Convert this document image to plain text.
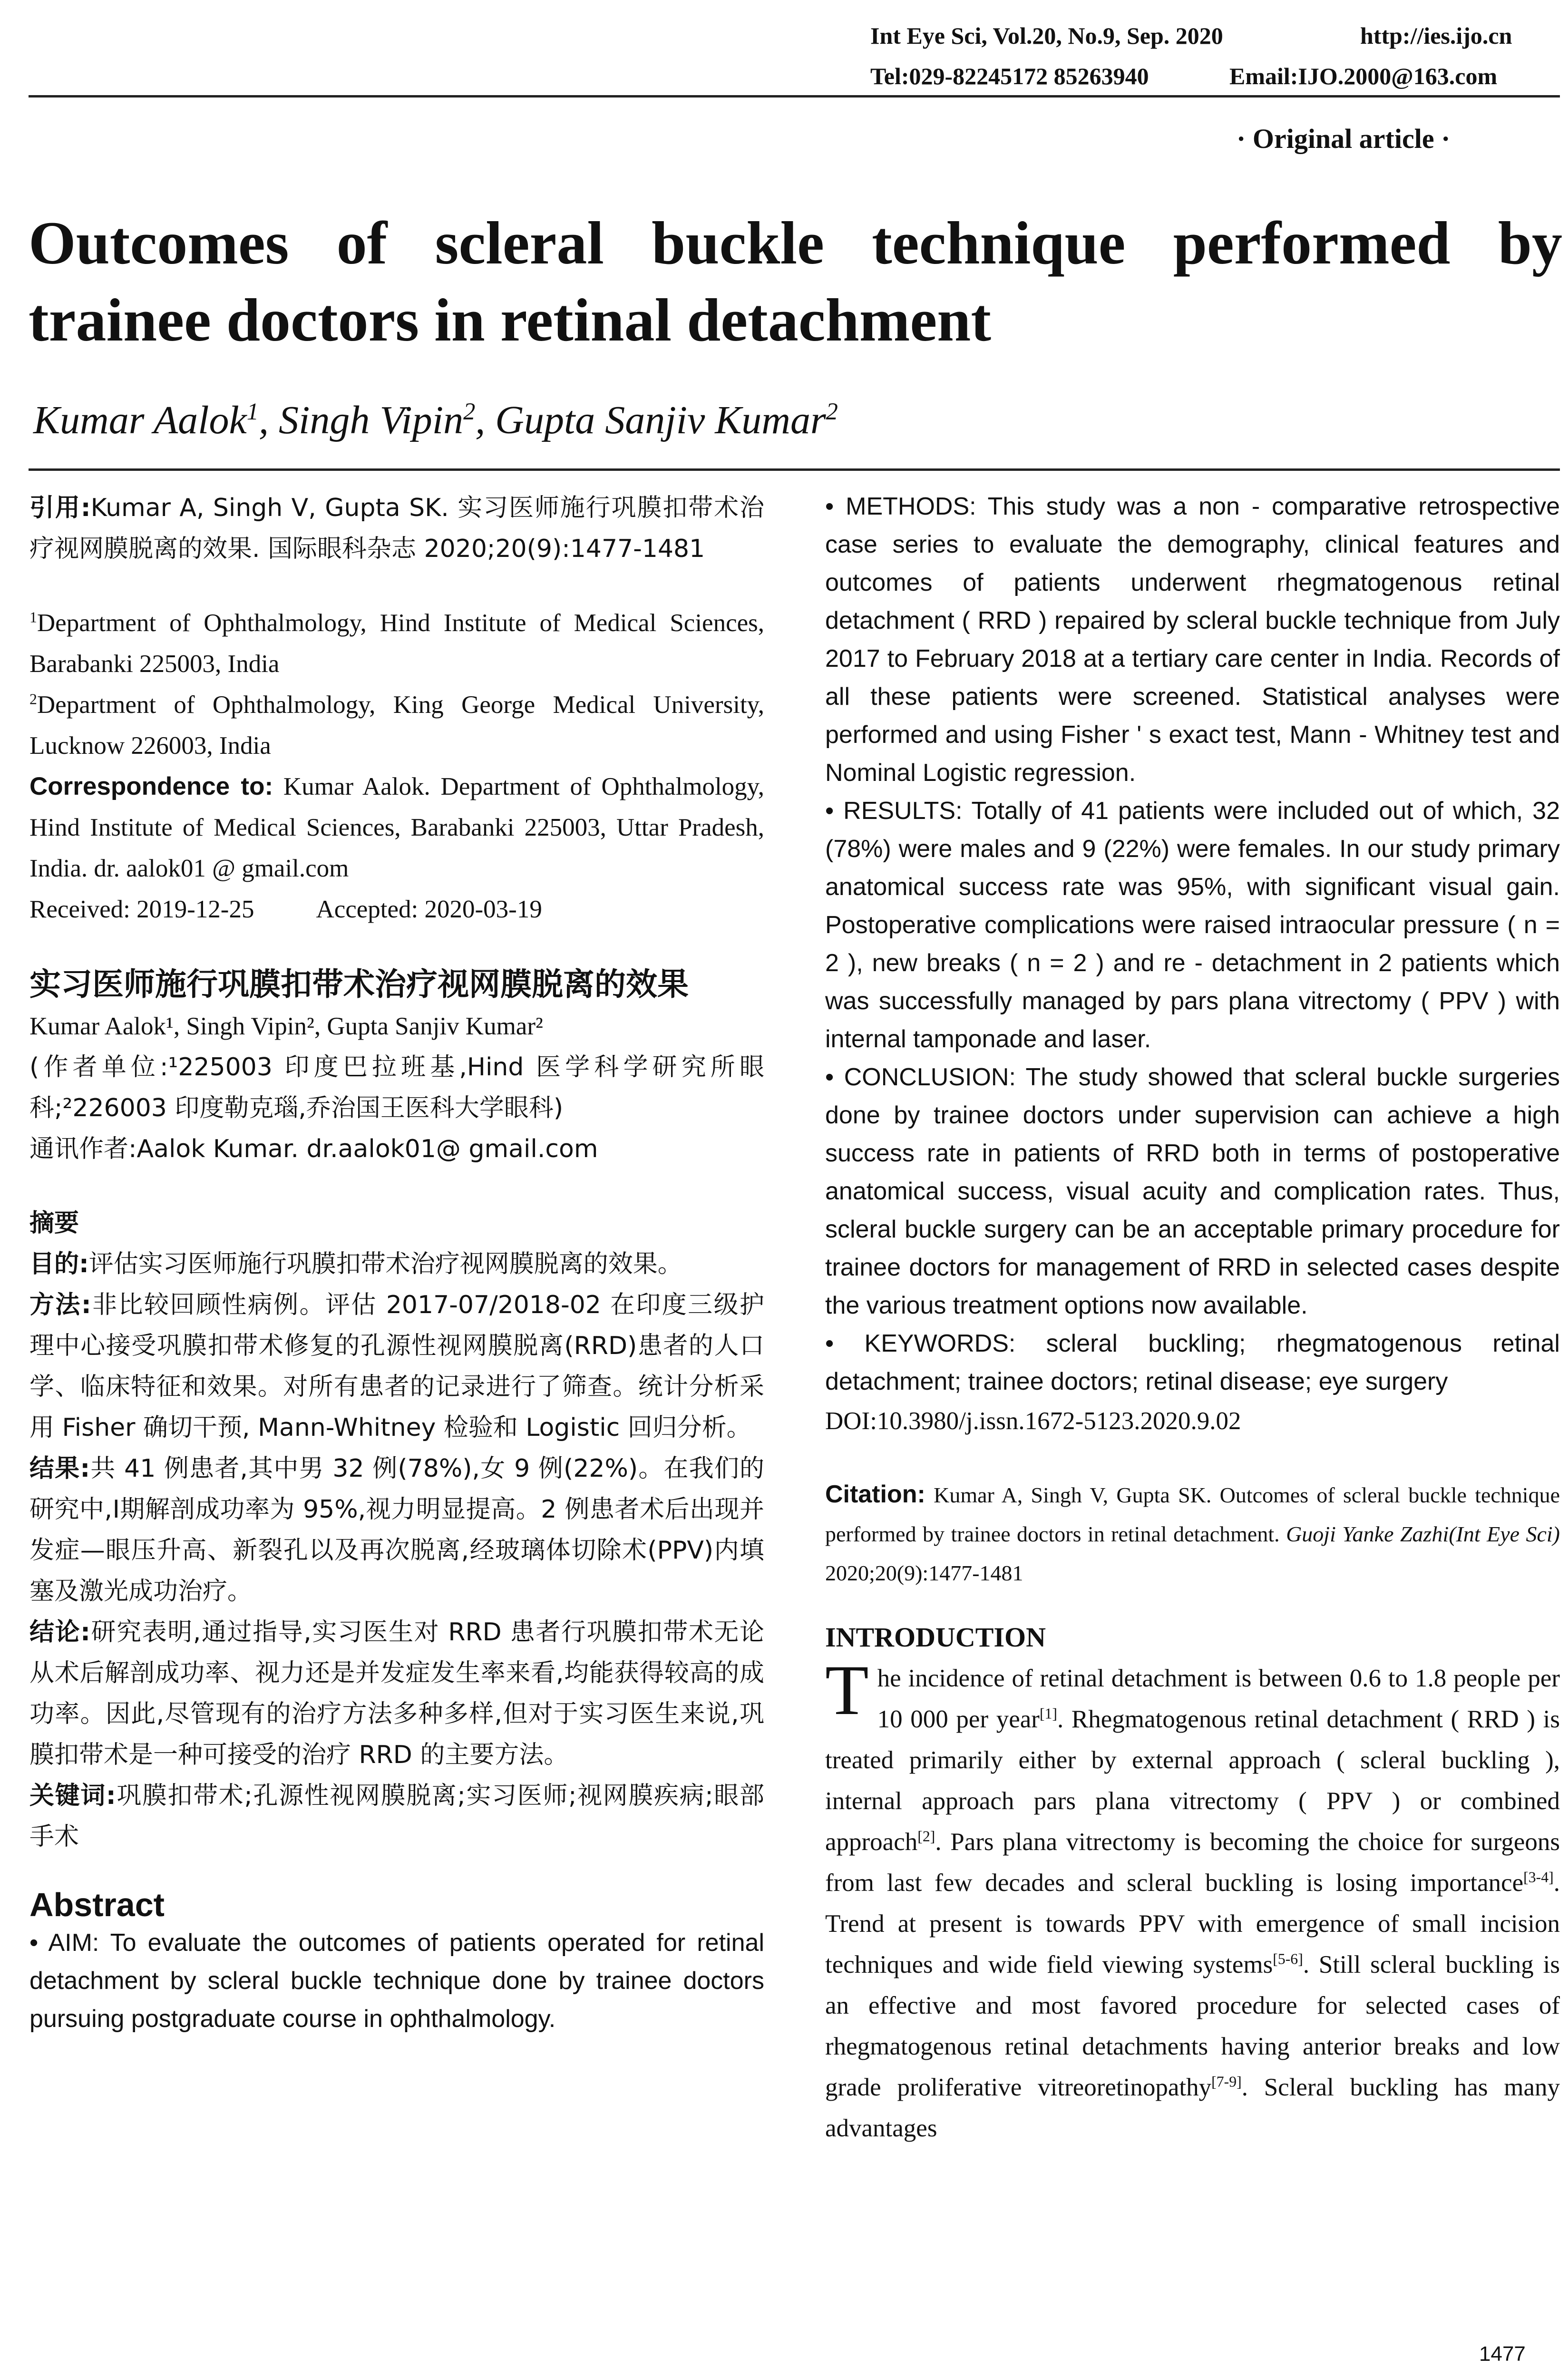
Int Eye Sci, Vol.20, No.9, Sep. 2020	http://ies.ijo.cn
Tel:029-82245172 85263940	Email:IJO.2000@163.com
· Original article ·
Outcomes of scleral buckle technique performed by
trainee doctors in retinal detachment
Kumar Aalok$^1$, Singh Vipin$^2$, Gupta Sanjiv Kumar$^2$

引用:Kumar A, Singh V, Gupta SK. 实习医师施行巩膜扣带术治疗视网膜脱离的效果. 国际眼科杂志 2020;20(9):1477-1481

$^1$Department of Ophthalmology, Hind Institute of Medical Sciences, Barabanki 225003, India

$^2$Department of Ophthalmology, King George Medical University, Lucknow 226003, India

Correspondence to: Kumar Aalok. Department of Ophthalmology, Hind Institute of Medical Sciences, Barabanki 225003, Uttar Pradesh, India. dr. aalok01 @ gmail.com

Received: 2019-12-25 Accepted: 2020-03-19

实习医师施行巩膜扣带术治疗视网膜脱离的效果

Kumar Aalok¹, Singh Vipin², Gupta Sanjiv Kumar²

(作者单位:¹225003 印度巴拉班基,Hind 医学科学研究所眼科;²226003 印度勒克瑙,乔治国王医科大学眼科)

通讯作者:Aalok Kumar. dr.aalok01@ gmail.com

摘要

目的:评估实习医师施行巩膜扣带术治疗视网膜脱离的效果。

方法:非比较回顾性病例。评估 2017-07/2018-02 在印度三级护理中心接受巩膜扣带术修复的孔源性视网膜脱离(RRD)患者的人口学、临床特征和效果。对所有患者的记录进行了筛查。统计分析采用 Fisher 确切干预, Mann-Whitney 检验和 Logistic 回归分析。

结果:共 41 例患者,其中男 32 例(78%),女 9 例(22%)。在我们的研究中,Ⅰ期解剖成功率为 95%,视力明显提高。2 例患者术后出现并发症—眼压升高、新裂孔以及再次脱离,经玻璃体切除术(PPV)内填塞及激光成功治疗。

结论:研究表明,通过指导,实习医生对 RRD 患者行巩膜扣带术无论从术后解剖成功率、视力还是并发症发生率来看,均能获得较高的成功率。因此,尽管现有的治疗方法多种多样,但对于实习医生来说,巩膜扣带术是一种可接受的治疗 RRD 的主要方法。

关键词:巩膜扣带术;孔源性视网膜脱离;实习医师;视网膜疾病;眼部手术

Abstract

• AIM: To evaluate the outcomes of patients operated for retinal detachment by scleral buckle technique done by trainee doctors pursuing postgraduate course in ophthalmology.

• METHODS: This study was a non - comparative retrospective case series to evaluate the demography, clinical features and outcomes of patients underwent rhegmatogenous retinal detachment ( RRD ) repaired by scleral buckle technique from July 2017 to February 2018 at a tertiary care center in India. Records of all these patients were screened. Statistical analyses were performed and using Fisher ' s exact test, Mann - Whitney test and Nominal Logistic regression.

• RESULTS: Totally of 41 patients were included out of which, 32 (78%) were males and 9 (22%) were females. In our study primary anatomical success rate was 95%, with significant visual gain. Postoperative complications were raised intraocular pressure ( n = 2 ), new breaks ( n = 2 ) and re - detachment in 2 patients which was successfully managed by pars plana vitrectomy ( PPV ) with internal tamponade and laser.

• CONCLUSION: The study showed that scleral buckle surgeries done by trainee doctors under supervision can achieve a high success rate in patients of RRD both in terms of postoperative anatomical success, visual acuity and complication rates. Thus, scleral buckle surgery can be an acceptable primary procedure for trainee doctors for management of RRD in selected cases despite the various treatment options now available.

• KEYWORDS: scleral buckling; rhegmatogenous retinal detachment; trainee doctors; retinal disease; eye surgery

DOI:10.3980/j.issn.1672-5123.2020.9.02

Citation: Kumar A, Singh V, Gupta SK. Outcomes of scleral buckle technique performed by trainee doctors in retinal detachment. Guoji Yanke Zazhi(Int Eye Sci) 2020;20(9):1477-1481

INTRODUCTION

The incidence of retinal detachment is between 0.6 to 1.8 people per 10 000 per year[1]. Rhegmatogenous retinal detachment ( RRD ) is treated primarily either by external approach ( scleral buckling ), internal approach pars plana vitrectomy ( PPV ) or combined approach[2]. Pars plana vitrectomy is becoming the choice for surgeons from last few decades and scleral buckling is losing importance[3-4]. Trend at present is towards PPV with emergence of small incision techniques and wide field viewing systems[5-6]. Still scleral buckling is an effective and most favored procedure for selected cases of rhegmatogenous retinal detachments having anterior breaks and low grade proliferative vitreoretinopathy[7-9]. Scleral buckling has many advantages

1477
